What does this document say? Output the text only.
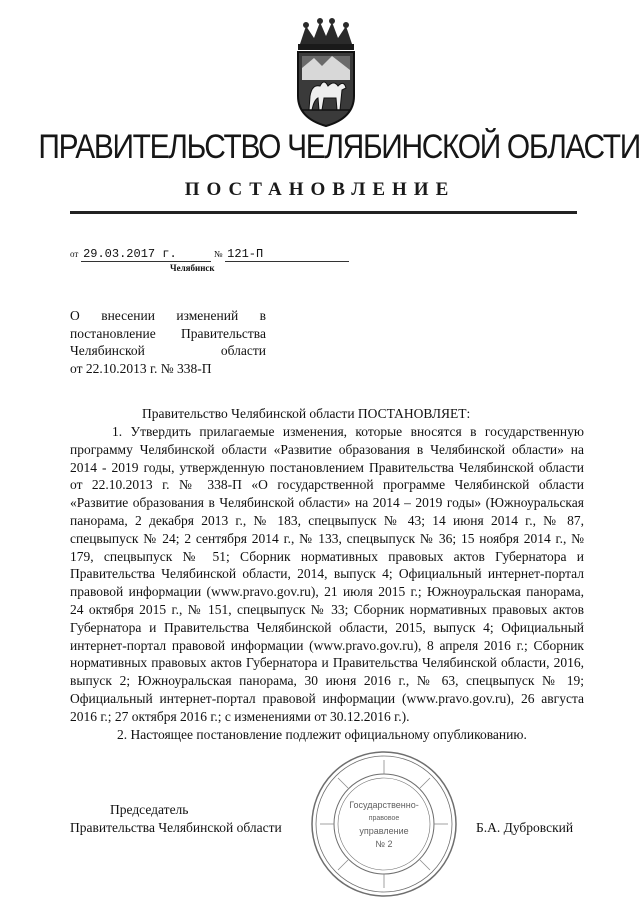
ПРАВИТЕЛЬСТВО ЧЕЛЯБИНСКОЙ ОБЛАСТИ
ПОСТАНОВЛЕНИЕ
от 29.03.2017 г.	№ 121-П
Челябинск
О внесении изменений в
постановление Правительства
Челябинской области
от 22.10.2013 г. № 338-П
Правительство Челябинской области ПОСТАНОВЛЯЕТ:

1. Утвердить прилагаемые изменения, которые вносятся в государственную программу Челябинской области «Развитие образования в Челябинской области» на 2014 - 2019 годы, утвержденную постановлением Правительства Челябинской области от 22.10.2013 г. № 338-П «О государственной программе Челябинской области «Развитие образования в Челябинской области» на 2014 – 2019 годы» (Южноуральская панорама, 2 декабря 2013 г., № 183, спецвыпуск № 43; 14 июня 2014 г., № 87, спецвыпуск № 24; 2 сентября 2014 г., № 133, спецвыпуск № 36; 15 ноября 2014 г., № 179, спецвыпуск № 51; Сборник нормативных правовых актов Губернатора и Правительства Челябинской области, 2014, выпуск 4; Официальный интернет-портал правовой информации (www.pravo.gov.ru), 21 июля 2015 г.; Южноуральская панорама, 24 октября 2015 г., № 151, спецвыпуск № 33; Сборник нормативных правовых актов Губернатора и Правительства Челябинской области, 2015, выпуск 4; Официальный интернет-портал правовой информации (www.pravo.gov.ru), 8 апреля 2016 г.; Сборник нормативных правовых актов Губернатора и Правительства Челябинской области, 2016, выпуск 2; Южноуральская панорама, 30 июня 2016 г., № 63, спецвыпуск № 19; Официальный интернет-портал правовой информации (www.pravo.gov.ru), 26 августа 2016 г.; 27 октября 2016 г.; с изменениями от 30.12.2016 г.).

2. Настоящее постановление подлежит официальному опубликованию.

Государственно-
правовое
управление
№ 2
Председатель
Правительства Челябинской области	Б.А. Дубровский
